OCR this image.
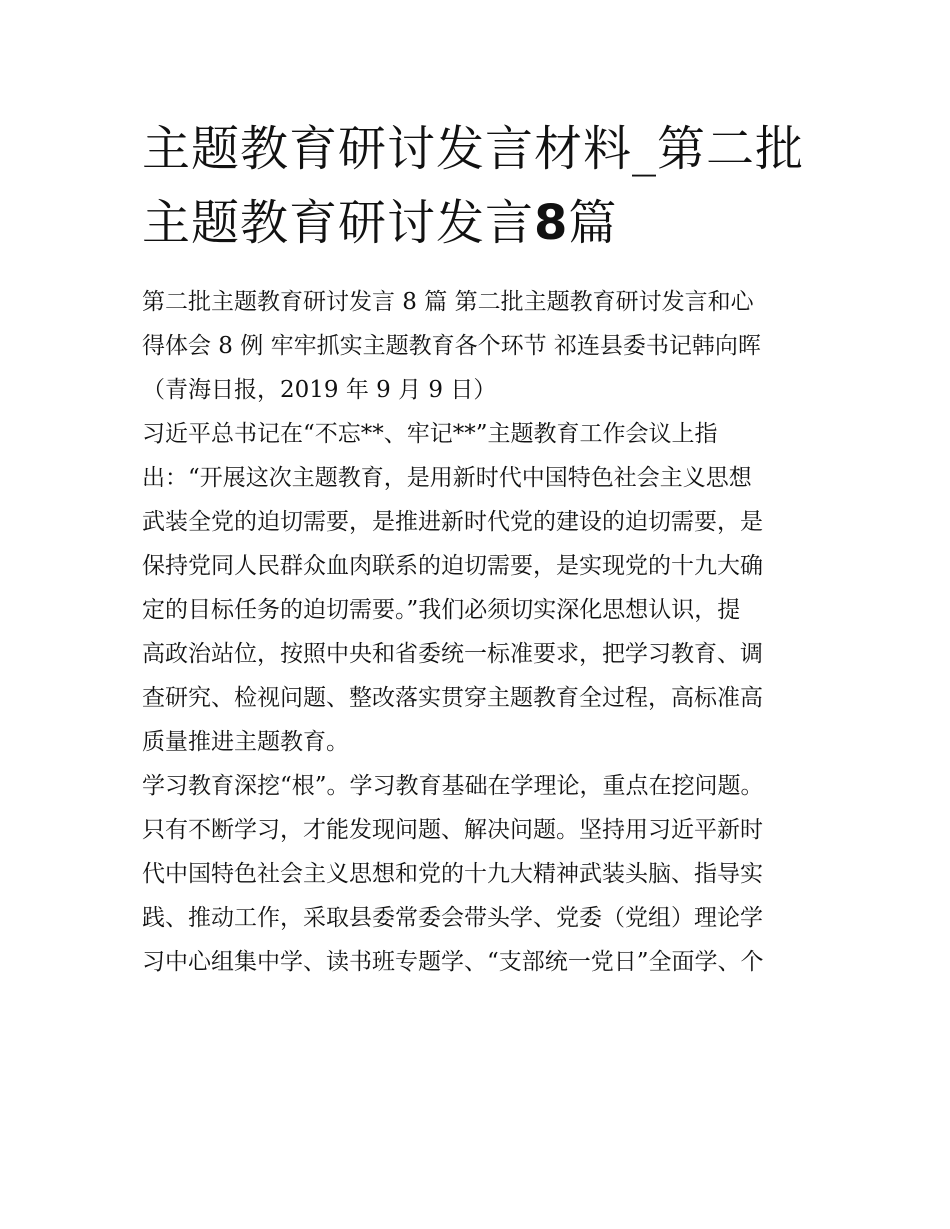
主题教育研讨发言材料_第二批
主题教育研讨发言8篇
第二批主题教育研讨发言 8 篇 第二批主题教育研讨发言和心
得体会 8 例 牢牢抓实主题教育各个环节 祁连县委书记韩向晖
（青海日报，2019 年 9 月 9 日）
习近平总书记在“不忘**、牢记**”主题教育工作会议上指
出：“开展这次主题教育，是用新时代中国特色社会主义思想
武装全党的迫切需要，是推进新时代党的建设的迫切需要，是
保持党同人民群众血肉联系的迫切需要，是实现党的十九大确
定的目标任务的迫切需要。”我们必须切实深化思想认识，提
高政治站位，按照中央和省委统一标准要求，把学习教育、调
查研究、检视问题、整改落实贯穿主题教育全过程，高标准高
质量推进主题教育。
学习教育深挖“根”。学习教育基础在学理论，重点在挖问题。
只有不断学习，才能发现问题、解决问题。坚持用习近平新时
代中国特色社会主义思想和党的十九大精神武装头脑、指导实
践、推动工作，采取县委常委会带头学、党委（党组）理论学
习中心组集中学、读书班专题学、“支部统一党日”全面学、个
